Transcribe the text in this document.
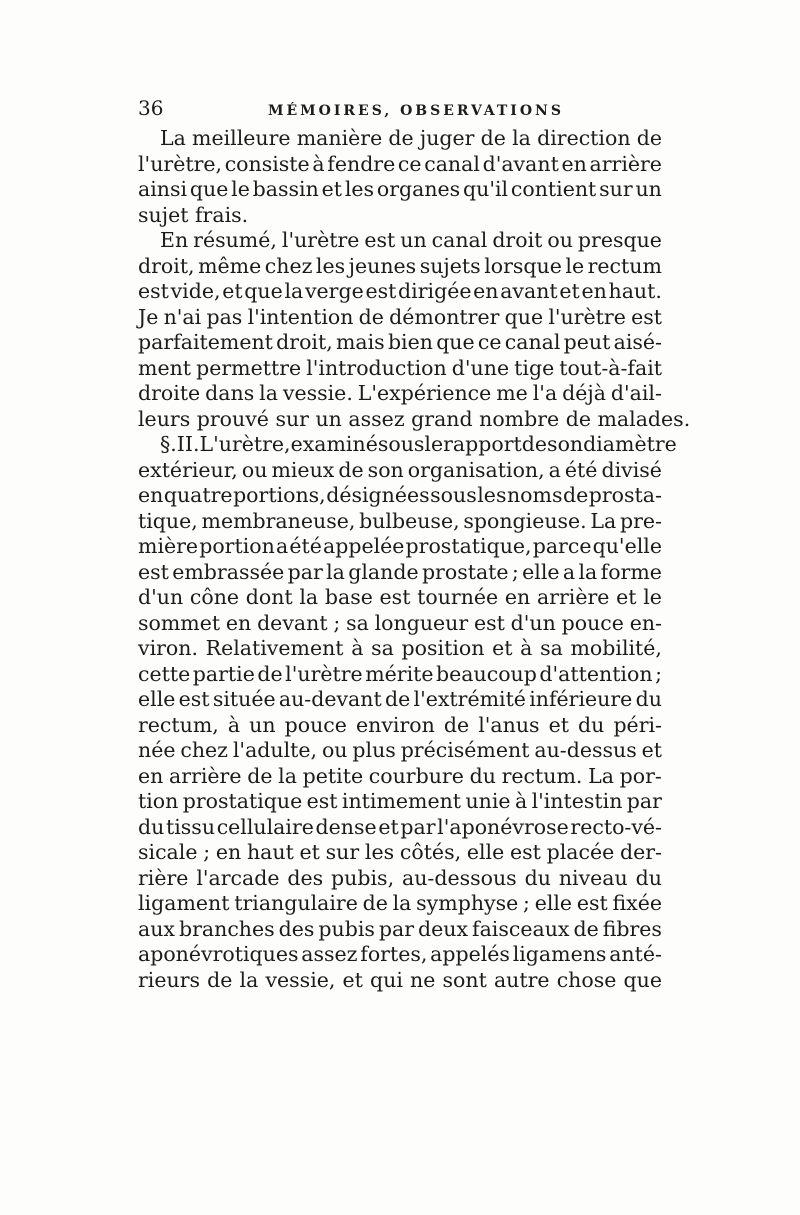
36	MÉMOIRES, OBSERVATIONS
La meilleure manière de juger de la direction de
l'urètre, consiste à fendre ce canal d'avant en arrière
ainsi que le bassin et les organes qu'il contient sur un
sujet frais.
En résumé, l'urètre est un canal droit ou presque
droit, même chez les jeunes sujets lorsque le rectum
est vide, et que la verge est dirigée en avant et en haut.
Je n'ai pas l'intention de démontrer que l'urètre est
parfaitement droit, mais bien que ce canal peut aisé-
ment permettre l'introduction d'une tige tout-à-fait
droite dans la vessie. L'expérience me l'a déjà d'ail-
leurs prouvé sur un assez grand nombre de malades.
§. II. L'urètre, examiné sous le rapport de son diamètre
extérieur, ou mieux de son organisation, a été divisé
en quatre portions, désignées sous les noms de prosta-
tique, membraneuse, bulbeuse, spongieuse. La pre-
mière portion a été appelée prostatique, parce qu'elle
est embrassée par la glande prostate ; elle a la forme
d'un cône dont la base est tournée en arrière et le
sommet en devant ; sa longueur est d'un pouce en-
viron. Relativement à sa position et à sa mobilité,
cette partie de l'urètre mérite beaucoup d'attention ;
elle est située au-devant de l'extrémité inférieure du
rectum, à un pouce environ de l'anus et du péri-
née chez l'adulte, ou plus précisément au-dessus et
en arrière de la petite courbure du rectum. La por-
tion prostatique est intimement unie à l'intestin par
du tissu cellulaire dense et par l'aponévrose recto-vé-
sicale ; en haut et sur les côtés, elle est placée der-
rière l'arcade des pubis, au-dessous du niveau du
ligament triangulaire de la symphyse ; elle est fixée
aux branches des pubis par deux faisceaux de fibres
aponévrotiques assez fortes, appelés ligamens anté-
rieurs de la vessie, et qui ne sont autre chose que
